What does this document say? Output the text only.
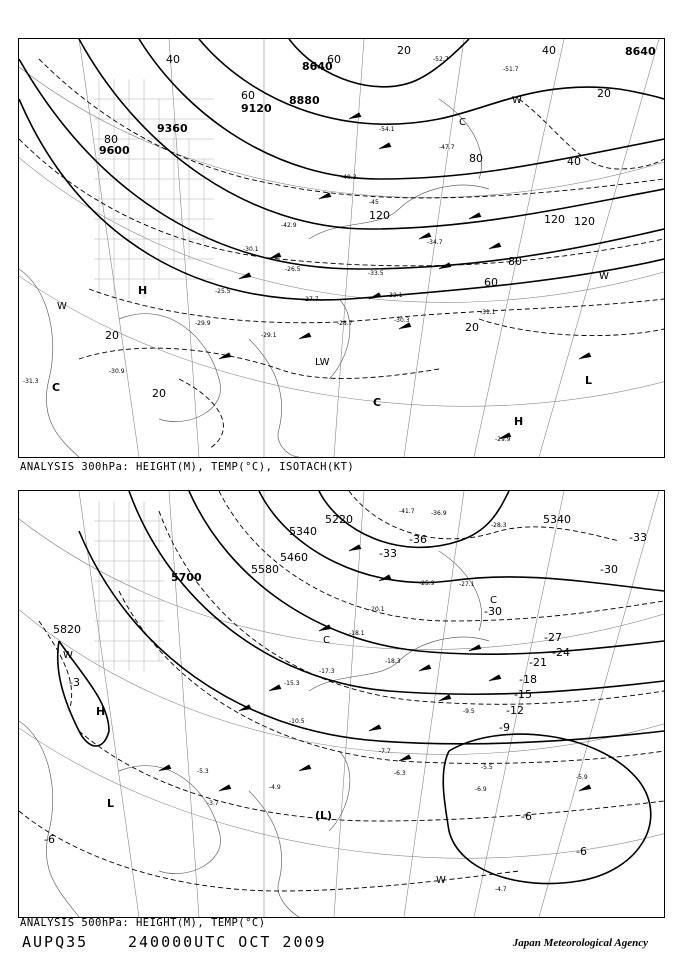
8640
8640
8880
9120
9360
9600
40
60
80
120
20	40
60
80
120
20
40
60
80
120
20
20
20
-52.7
-51.7
-54.1
-47.7
-48.3
-45
-42.9
-34.7
-33.5
-32.1
-31.1
-30.3
-29.9
-29.1
-30.9
-31.3
-29.9
-30.1
-25.5
-27.7
-28.7
-26.5
H
L
H
C
C
W
W
LW
W
C
ANALYSIS 300hPa: HEIGHT(M), TEMP(°C), ISOTACH(KT)
5340
5340
5220
5460
5580
5700
5820
-33
-36
-30
-27
-24
-21
-18
-15
-12
-9
-6
-6
-6
-3
-33
-30
-41.7	-36.9
-28.3
-27.1
-25.9
-20.1
-18.1
-18.3
-17.3
-15.3
-10.5
-9.5
-7.7
-6.3
-5.5
-6.9
-5.9
-4.7
-4.9
-3.7
-5.3
H
L
(L)
W
W
C
C
ANALYSIS 500hPa: HEIGHT(M), TEMP(°C)
AUPQ35	240000UTC OCT 2009	Japan Meteorological Agency
